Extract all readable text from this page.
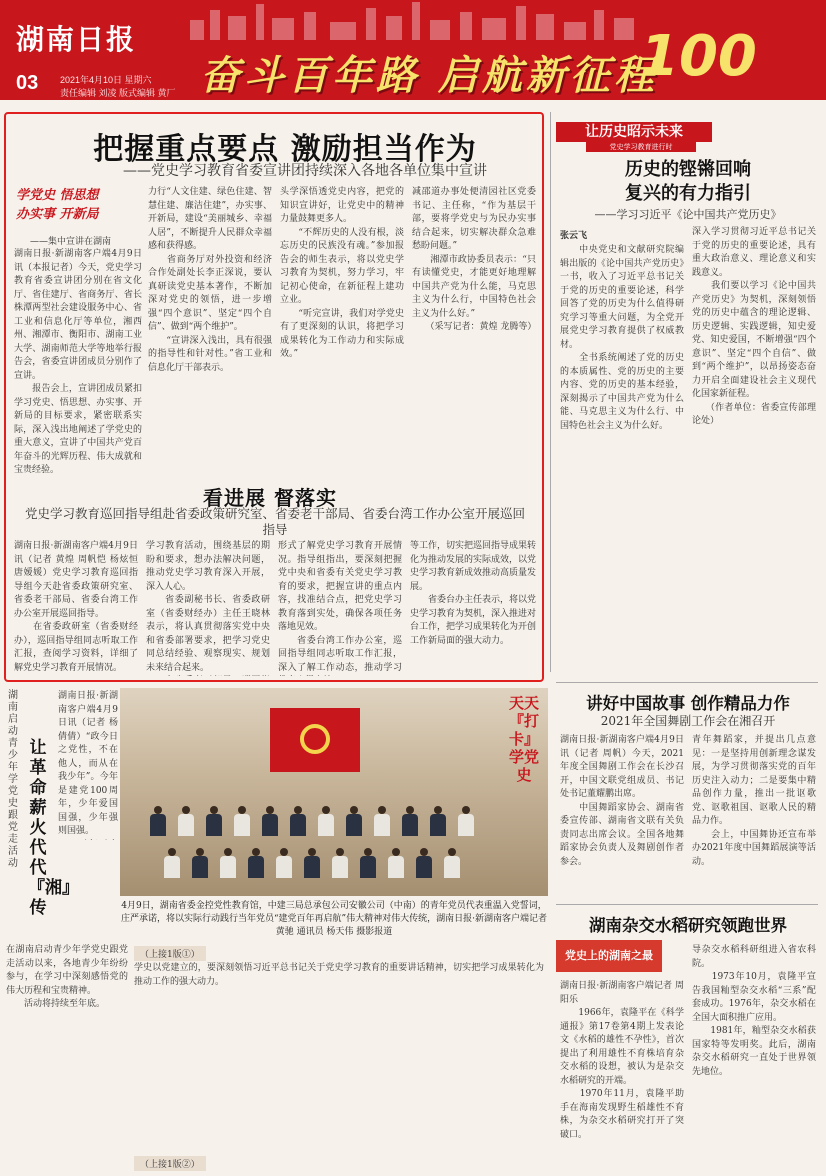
湖南日报
03 2021年4月10日 星期六
责任编辑 刘凌 版式编辑 黄厂 奋斗百年路 启航新征程
100
把握重点要点 激励担当作为
——党史学习教育省委宣讲团持续深入各地各单位集中宣讲
学党史 悟思想
办实事 开新局
——集中宣讲在湖南
湖南日报·新湖南客户端4月9日讯（本报记者）今天，党史学习教育省委宣讲团分别在省文化厅、省住建厅、省商务厅、省长株潭两型社会建设服务中心、省工业和信息化厅等单位，湘西州、湘潭市、衡阳市、湖南工业大学、湖南师范大学等地举行报告会，省委宣讲团成员分别作了宣讲。
　　报告会上，宣讲团成员紧扣学习党史、悟思想、办实事、开新局的目标要求，紧密联系实际，深入浅出地阐述了学党史的重大意义，宣讲了中国共产党百年奋斗的光辉历程、伟大成就和宝贵经验。

力行“人文住建、绿色住建、智慧住建、廉洁住建”，办实事、开新局，建设“美丽城乡、幸福人居”，不断提升人民群众幸福感和获得感。
　　省商务厅对外投资和经济合作处副处长李正深说，要认真研读党史基本著作，不断加深对党史的领悟，进一步增强“四个意识”、坚定“四个自信”、做到“两个维护”。
　　“宣讲深入浅出，具有很强的指导性和针对性。”省工业和信息化厅干部表示。
头学深悟透党史内容，把党的知识宣讲好，让党史中的精神力量鼓舞更多人。
　　“不辉历史的人没有根，淡忘历史的民族没有魂。”参加报告会的师生表示，将以党史学习教育为契机，努力学习，牢记初心使命，在新征程上建功立业。
　　“听完宣讲，我们对学党史有了更深刻的认识，将把学习成果转化为工作动力和实际成效。”
减邵道办事处便清园社区党委书记、主任称，“作为基层干部，要将学党史与为民办实事结合起来，切实解决群众急难愁盼问题。”
　　湘潭市政协委员表示：“只有读懂党史，才能更好地理解中国共产党为什么能，马克思主义为什么行，中国特色社会主义为什么好。”
　　（采写记者：黄煌 龙腾等）
看进展 督落实
党史学习教育巡回指导组赴省委政策研究室、省委老干部局、省委台湾工作办公室开展巡回指导
湖南日报·新湖南客户端4月9日讯（记者 黄煌 周帆恺 杨炫恒 唐嫒媛）党史学习教育巡回指导组今天赴省委政策研究室、省委老干部局、省委台湾工作办公室开展巡回指导。
　　在省委政研室（省委财经办），巡回指导组同志听取工作汇报，查阅学习资料，详细了解党史学习教育开展情况。
学习教育活动，围绕基层的期盼和要求，想办法解决问题，推动党史学习教育深入开展，深入人心。
　　省委副秘书长、省委政研室（省委财经办）主任王晓林表示，将认真贯彻落实党中央和省委部署要求，把学习党史同总结经验、观察现实、规划未来结合起来。

形式了解党史学习教育开展情况。指导组指出，要深刻把握党中央和省委有关党史学习教育的要求，把握宣讲的重点内容，找准结合点，把党史学习教育落到实处，确保各项任务落地见效。
　　省委台湾工作办公室，巡回指导组同志听取工作汇报，深入了解工作动态，推动学习
等工作，切实把巡回指导成果转化为推动发展的实际成效，以党史学习教育新成效推动高质量发展。
　　省委台办主任表示，将以党史学习教育为契机，深入推进对台工作，把学习成果转化为开创工作新局面的强大动力。
让历史昭示未来
党史学习教育进行时
历史的铿锵回响
复兴的有力指引
——学习习近平《论中国共产党历史》
张云飞
　　中央党史和文献研究院编辑出版的《论中国共产党历史》一书，收入了习近平总书记关于党的历史的重要论述，科学回答了党的历史为什么值得研究学习等重大问题，为全党开展党史学习教育提供了权威教材。
　　全书系统阐述了党的历史的本质属性、党的历史的主要内容、党的历史的基本经验，深刻揭示了中国共产党为什么能、马克思主义为什么行、中国特色社会主义为什么好。
深入学习贯彻习近平总书记关于党的历史的重要论述，具有重大政治意义、理论意义和实践意义。
　　我们要以学习《论中国共产党历史》为契机，深刻领悟党的历史中蕴含的理论逻辑、历史逻辑、实践逻辑，知史爱党、知史爱国，不断增强“四个意识”、坚定“四个自信”、做到“两个维护”，以昂扬姿态奋力开启全面建设社会主义现代化国家新征程。
　　（作者单位：省委宣传部理论处）
讲好中国故事 创作精品力作
2021年全国舞剧工作会在湘召开
湖南日报·新湖南客户端4月9日讯（记者 周帆）今天，2021年度全国舞剧工作会在长沙召开，中国文联党组成员、书记处书记董耀鹏出席。
　　中国舞蹈家协会、湖南省委宣传部、湖南省文联有关负责同志出席会议。全国各地舞蹈家协会负责人及舞剧创作者参会。
青年舞蹈家，并提出几点意见：一是坚持用创新理念谋发展，为学习贯彻落实党的百年历史注入动力；二是要集中精品创作力量，推出一批讴歌党、讴歌祖国、讴歌人民的精品力作。
　　会上，中国舞协还宣布举办2021年度中国舞蹈展演等活动。
湖南杂交水稻研究领跑世界
党史上的湖南之最
湖南日报·新湖南客户端记者 周阳乐
　　1966年，袁隆平在《科学通报》第17卷第4期上发表论文《水稻的雄性不孕性》，首次提出了利用雄性不育株培育杂交水稻的设想，被认为是杂交水稻研究的开端。
　　1970年11月，袁隆平助手在海南发现野生稻雄性不育株，为杂交水稻研究打开了突破口。
导杂交水稻科研组进入省农科院。
　　1973年10月，袁隆平宣告我国籼型杂交水稻“三系”配套成功。1976年，杂交水稻在全国大面积推广应用。
　　1981年，籼型杂交水稻获国家特等发明奖。此后，湖南杂交水稻研究一直处于世界领先地位。
天天『打卡』学党史
4月9日，湖南省委金控党性教育馆，中建三局总承包公司安徽公司（中南）的青年党员代表重温入党誓词，庄严承诺，将以实际行动践行当年党员“建党百年再启航”伟大精神对伟大传统，湖南日报·新湖南客户端记者 黄驰 通讯员 杨天伟 摄影报道
湖南启动青少年学党史跟党走活动
让革命薪火代代『湘』传
湖南日报·新湖南客户端4月9日讯（记者 杨倩倩）“政今日之党性，不在他人，而从在我少年”。今年是建党100周年，少年爱国国强，少年强则国强。

在湖南启动青少年学党史跟党走活动以来，各地青少年纷纷参与，在学习中深刻感悟党的伟大历程和宝贵精神。
　　活动将持续至年底。
（上接1版①）
学史以党建立的，要深刻领悟习近平总书记关于党史学习教育的重要讲话精神，切实把学习成果转化为推动工作的强大动力。
（上接1版②）
